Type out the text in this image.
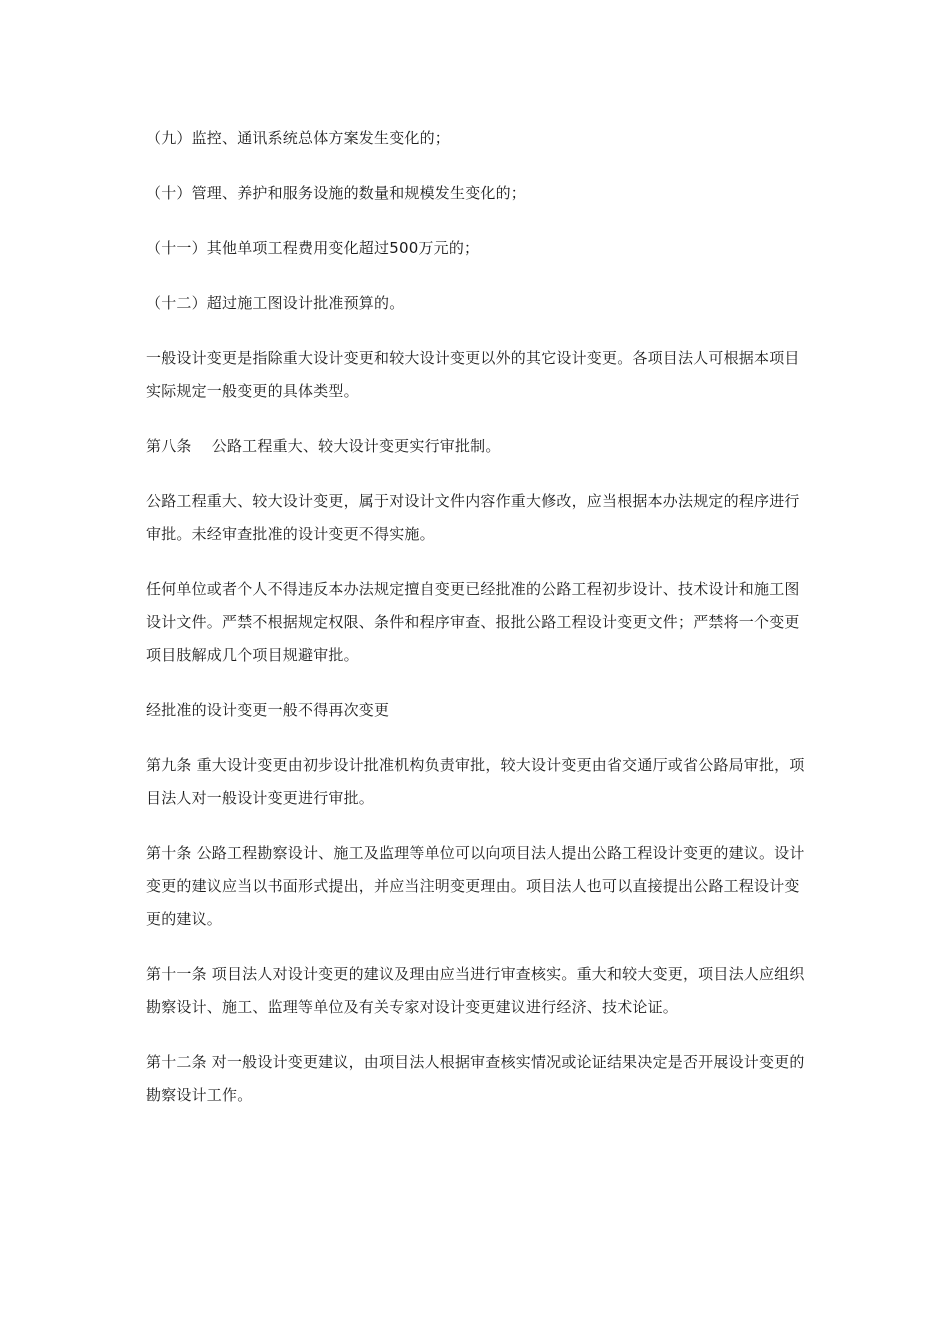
（九）监控、通讯系统总体方案发生变化的；

（十）管理、养护和服务设施的数量和规模发生变化的；

（十一）其他单项工程费用变化超过500万元的；

（十二）超过施工图设计批准预算的。

一般设计变更是指除重大设计变更和较大设计变更以外的其它设计变更。各项目法人可根据本项目实际规定一般变更的具体类型。

第八条　 公路工程重大、较大设计变更实行审批制。

公路工程重大、较大设计变更，属于对设计文件内容作重大修改，应当根据本办法规定的程序进行审批。未经审查批准的设计变更不得实施。

任何单位或者个人不得违反本办法规定擅自变更已经批准的公路工程初步设计、技术设计和施工图设计文件。严禁不根据规定权限、条件和程序审查、报批公路工程设计变更文件；严禁将一个变更项目肢解成几个项目规避审批。

经批准的设计变更一般不得再次变更

第九条 重大设计变更由初步设计批准机构负责审批，较大设计变更由省交通厅或省公路局审批，项目法人对一般设计变更进行审批。

第十条 公路工程勘察设计、施工及监理等单位可以向项目法人提出公路工程设计变更的建议。设计变更的建议应当以书面形式提出，并应当注明变更理由。项目法人也可以直接提出公路工程设计变更的建议。

第十一条 项目法人对设计变更的建议及理由应当进行审查核实。重大和较大变更，项目法人应组织勘察设计、施工、监理等单位及有关专家对设计变更建议进行经济、技术论证。

第十二条 对一般设计变更建议，由项目法人根据审查核实情况或论证结果决定是否开展设计变更的勘察设计工作。
